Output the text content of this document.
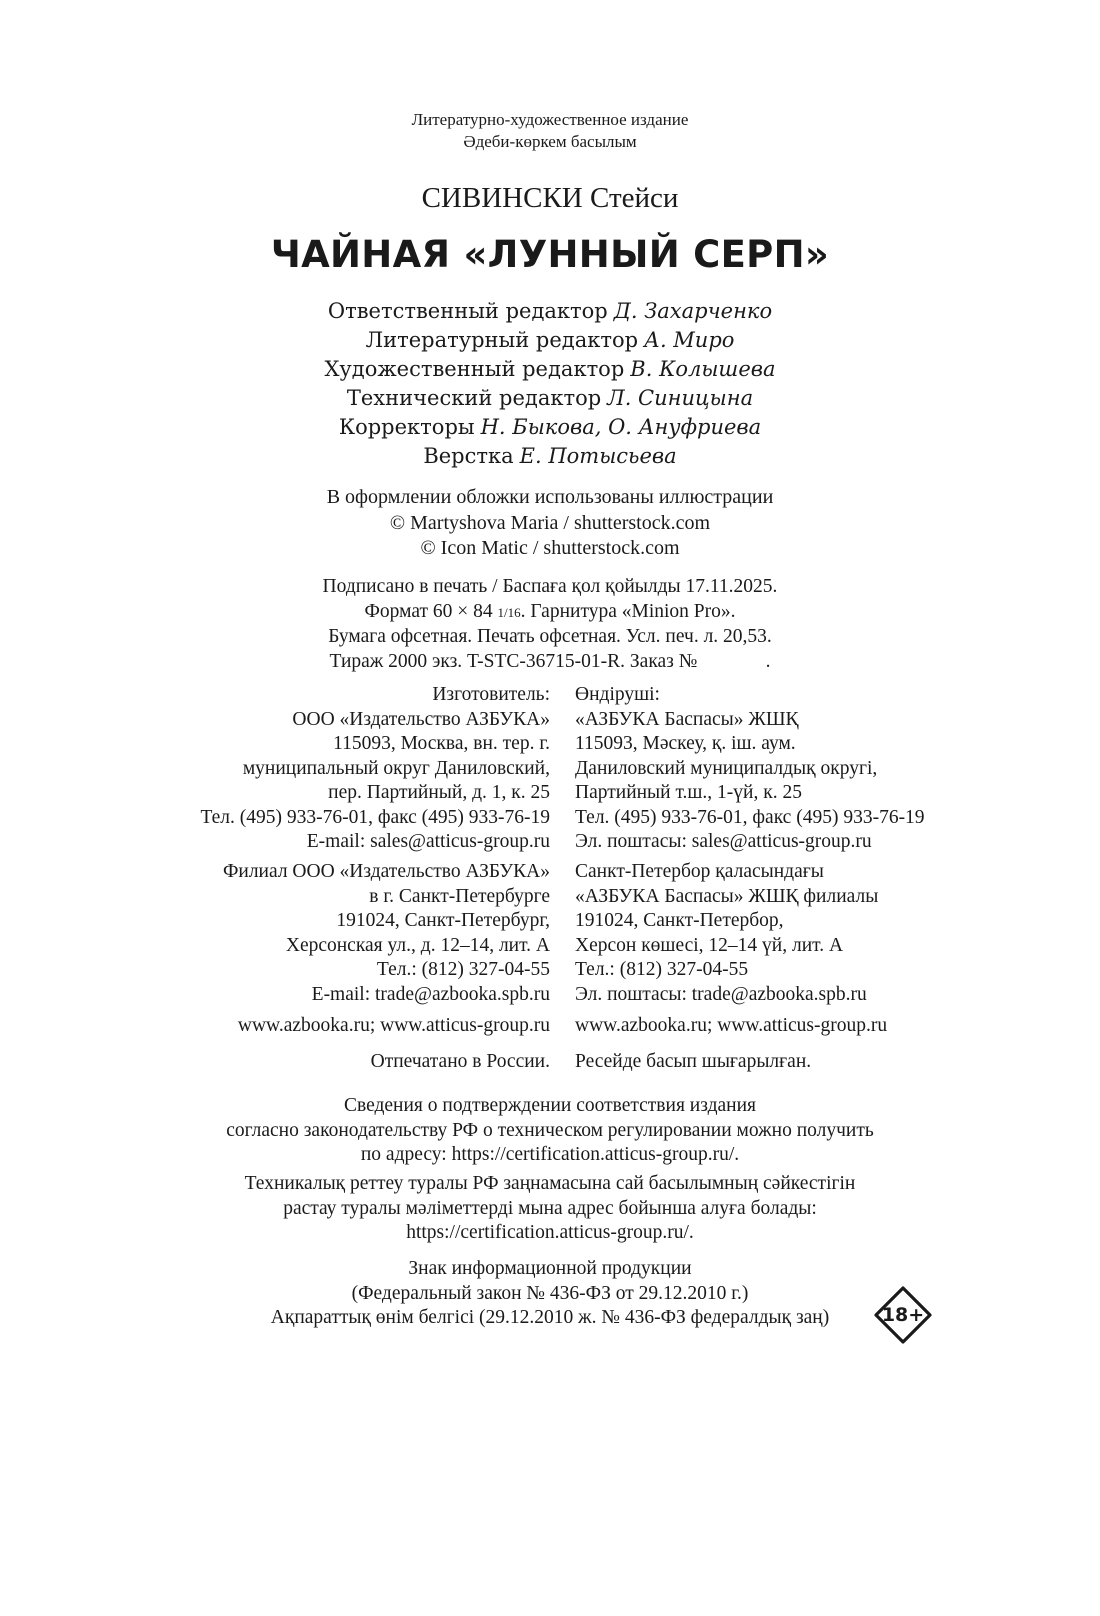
Литературно-художественное издание
Әдеби-көркем басылым
СИВИНСКИ Стейси
ЧАЙНАЯ «ЛУННЫЙ СЕРП»
Ответственный редактор Д. Захарченко
Литературный редактор А. Миро
Художественный редактор В. Колышева
Технический редактор Л. Синицына
Корректоры Н. Быкова, О. Ануфриева
Верстка Е. Потысьева
В оформлении обложки использованы иллюстрации
© Martyshova Maria / shutterstock.com
© Icon Matic / shutterstock.com
Подписано в печать / Баспаға қол қойылды 17.11.2025.
Формат 60 × 84 1/16. Гарнитура «Minion Pro».
Бумага офсетная. Печать офсетная. Усл. печ. л. 20,53.
Тираж 2000 экз. T-STC-36715-01-R. Заказ №              .
Изготовитель:
ООО «Издательство АЗБУКА»
115093, Москва, вн. тер. г.
муниципальный округ Даниловский,
пер. Партийный, д. 1, к. 25
Тел. (495) 933-76-01, факс (495) 933-76-19
E-mail: sales@atticus-group.ru
Өндіруші:
«АЗБУКА Баспасы» ЖШҚ
115093, Мәскеу, қ. іш. аум.
Даниловский муниципалдық округі,
Партийный т.ш., 1-үй, к. 25
Тел. (495) 933-76-01, факс (495) 933-76-19
Эл. поштасы: sales@atticus-group.ru
Филиал ООО «Издательство АЗБУКА»
в г. Санкт-Петербурге
191024, Санкт-Петербург,
Херсонская ул., д. 12–14, лит. А
Тел.: (812) 327-04-55
E-mail: trade@azbooka.spb.ru
Санкт-Петербор қаласындағы
«АЗБУКА Баспасы» ЖШҚ филиалы
191024, Санкт-Петербор,
Херсон көшесі, 12–14 үй, лит. А
Тел.: (812) 327-04-55
Эл. поштасы: trade@azbooka.spb.ru
www.azbooka.ru; www.atticus-group.ru www.azbooka.ru; www.atticus-group.ru
Отпечатано в России. Ресейде басып шығарылған.
Сведения о подтверждении соответствия издания
согласно законодательству РФ о техническом регулировании можно получить
по адресу: https://certification.atticus-group.ru/.
Техникалық реттеу туралы РФ заңнамасына сай басылымның сәйкестігін
растау туралы мәліметтерді мына адрес бойынша алуға болады:
https://certification.atticus-group.ru/.
Знак информационной продукции
(Федеральный закон № 436-ФЗ от 29.12.2010 г.)
Ақпараттық өнім белгісі (29.12.2010 ж. № 436-ФЗ федералдық заң)	18+
